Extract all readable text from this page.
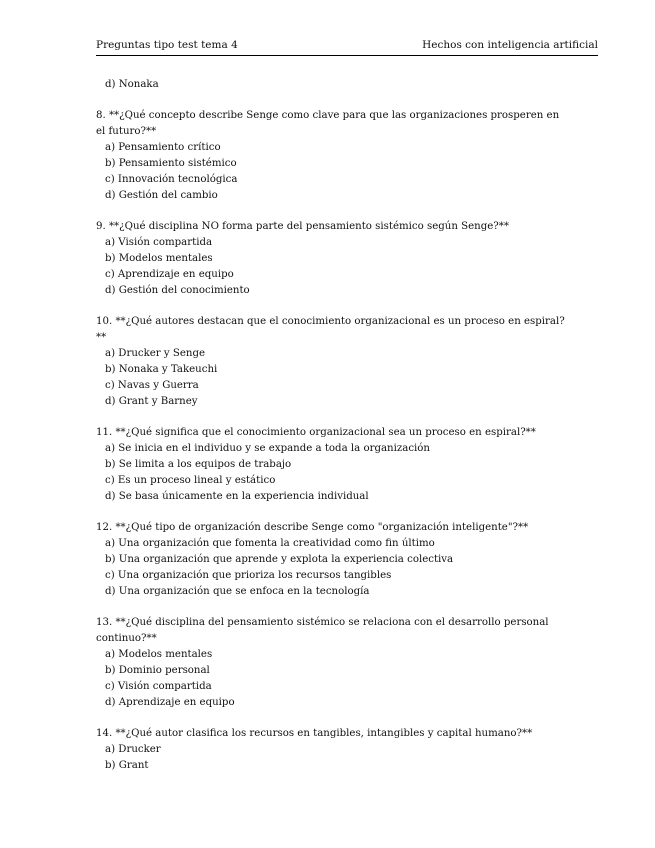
Preguntas tipo test tema 4	Hechos con inteligencia artificial
d) Nonaka
8. **¿Qué concepto describe Senge como clave para que las organizaciones prosperen en el futuro?**
a) Pensamiento crítico
b) Pensamiento sistémico
c) Innovación tecnológica
d) Gestión del cambio
9. **¿Qué disciplina NO forma parte del pensamiento sistémico según Senge?**
a) Visión compartida
b) Modelos mentales
c) Aprendizaje en equipo
d) Gestión del conocimiento
10. **¿Qué autores destacan que el conocimiento organizacional es un proceso en espiral?**
a) Drucker y Senge
b) Nonaka y Takeuchi
c) Navas y Guerra
d) Grant y Barney
11. **¿Qué significa que el conocimiento organizacional sea un proceso en espiral?**
a) Se inicia en el individuo y se expande a toda la organización
b) Se limita a los equipos de trabajo
c) Es un proceso lineal y estático
d) Se basa únicamente en la experiencia individual
12. **¿Qué tipo de organización describe Senge como "organización inteligente"?**
a) Una organización que fomenta la creatividad como fin último
b) Una organización que aprende y explota la experiencia colectiva
c) Una organización que prioriza los recursos tangibles
d) Una organización que se enfoca en la tecnología
13. **¿Qué disciplina del pensamiento sistémico se relaciona con el desarrollo personal continuo?**
a) Modelos mentales
b) Dominio personal
c) Visión compartida
d) Aprendizaje en equipo
14. **¿Qué autor clasifica los recursos en tangibles, intangibles y capital humano?**
a) Drucker
b) Grant
